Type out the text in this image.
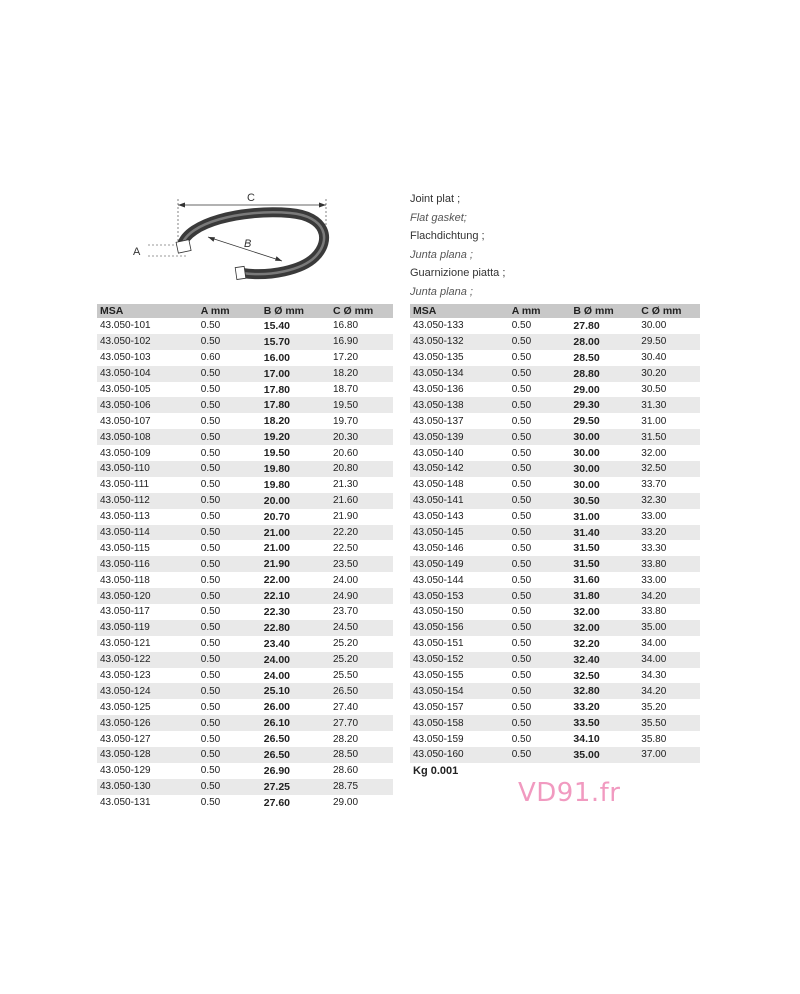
C
B
A
Joint plat ;
Flat gasket;
Flachdichtung ;
Junta plana ;
Guarnizione piatta ;
Junta plana ;
MSA	A mm	B Ø mm	C Ø mm
43.050-101	0.50	15.40	16.80
43.050-102	0.50	15.70	16.90
43.050-103	0.60	16.00	17.20
43.050-104	0.50	17.00	18.20
43.050-105	0.50	17.80	18.70
43.050-106	0.50	17.80	19.50
43.050-107	0.50	18.20	19.70
43.050-108	0.50	19.20	20.30
43.050-109	0.50	19.50	20.60
43.050-110	0.50	19.80	20.80
43.050-111	0.50	19.80	21.30
43.050-112	0.50	20.00	21.60
43.050-113	0.50	20.70	21.90
43.050-114	0.50	21.00	22.20
43.050-115	0.50	21.00	22.50
43.050-116	0.50	21.90	23.50
43.050-118	0.50	22.00	24.00
43.050-120	0.50	22.10	24.90
43.050-117	0.50	22.30	23.70
43.050-119	0.50	22.80	24.50
43.050-121	0.50	23.40	25.20
43.050-122	0.50	24.00	25.20
43.050-123	0.50	24.00	25.50
43.050-124	0.50	25.10	26.50
43.050-125	0.50	26.00	27.40
43.050-126	0.50	26.10	27.70
43.050-127	0.50	26.50	28.20
43.050-128	0.50	26.50	28.50
43.050-129	0.50	26.90	28.60
43.050-130	0.50	27.25	28.75
43.050-131	0.50	27.60	29.00
MSA	A mm	B Ø mm	C Ø mm
43.050-133	0.50	27.80	30.00
43.050-132	0.50	28.00	29.50
43.050-135	0.50	28.50	30.40
43.050-134	0.50	28.80	30.20
43.050-136	0.50	29.00	30.50
43.050-138	0.50	29.30	31.30
43.050-137	0.50	29.50	31.00
43.050-139	0.50	30.00	31.50
43.050-140	0.50	30.00	32.00
43.050-142	0.50	30.00	32.50
43.050-148	0.50	30.00	33.70
43.050-141	0.50	30.50	32.30
43.050-143	0.50	31.00	33.00
43.050-145	0.50	31.40	33.20
43.050-146	0.50	31.50	33.30
43.050-149	0.50	31.50	33.80
43.050-144	0.50	31.60	33.00
43.050-153	0.50	31.80	34.20
43.050-150	0.50	32.00	33.80
43.050-156	0.50	32.00	35.00
43.050-151	0.50	32.20	34.00
43.050-152	0.50	32.40	34.00
43.050-155	0.50	32.50	34.30
43.050-154	0.50	32.80	34.20
43.050-157	0.50	33.20	35.20
43.050-158	0.50	33.50	35.50
43.050-159	0.50	34.10	35.80
43.050-160	0.50	35.00	37.00
Kg 0.001
VD91.fr
